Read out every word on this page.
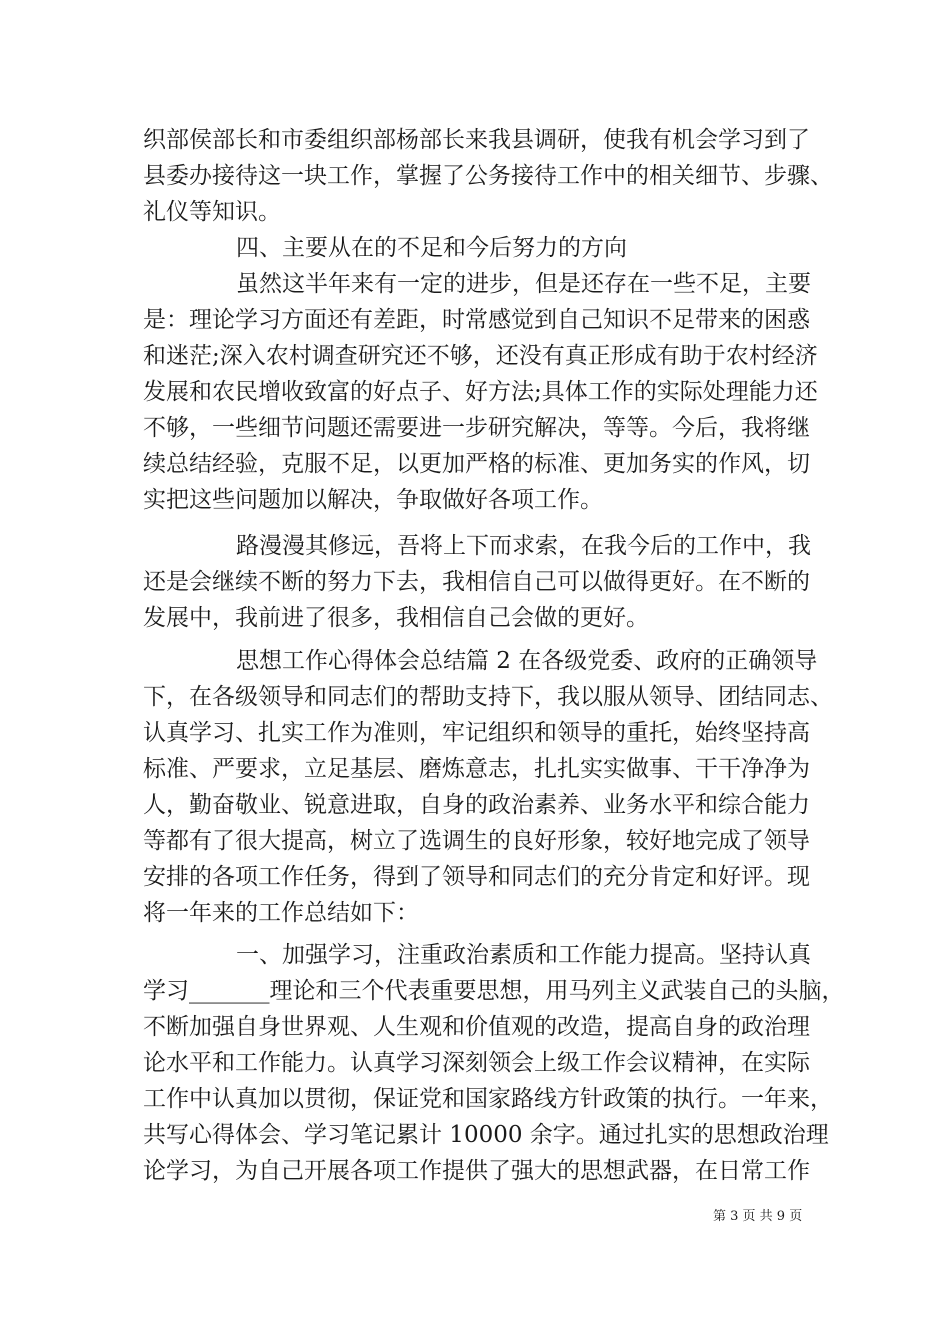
织部侯部长和市委组织部杨部长来我县调研，使我有机会学习到了
县委办接待这一块工作，掌握了公务接待工作中的相关细节、步骤、
礼仪等知识。
四、主要从在的不足和今后努力的方向
虽然这半年来有一定的进步，但是还存在一些不足，主要
是：理论学习方面还有差距，时常感觉到自己知识不足带来的困惑
和迷茫;深入农村调查研究还不够，还没有真正形成有助于农村经济
发展和农民增收致富的好点子、好方法;具体工作的实际处理能力还
不够，一些细节问题还需要进一步研究解决，等等。今后，我将继
续总结经验，克服不足，以更加严格的标准、更加务实的作风，切
实把这些问题加以解决，争取做好各项工作。
路漫漫其修远，吾将上下而求索，在我今后的工作中，我
还是会继续不断的努力下去，我相信自己可以做得更好。在不断的
发展中，我前进了很多，我相信自己会做的更好。
思想工作心得体会总结篇 2 在各级党委、政府的正确领导
下，在各级领导和同志们的帮助支持下，我以服从领导、团结同志、
认真学习、扎实工作为准则，牢记组织和领导的重托，始终坚持高
标准、严要求，立足基层、磨炼意志，扎扎实实做事、干干净净为
人，勤奋敬业、锐意进取，自身的政治素养、业务水平和综合能力
等都有了很大提高，树立了选调生的良好形象，较好地完成了领导
安排的各项工作任务，得到了领导和同志们的充分肯定和好评。现
将一年来的工作总结如下：
一、加强学习，注重政治素质和工作能力提高。坚持认真
学习_______理论和三个代表重要思想，用马列主义武装自己的头脑，
不断加强自身世界观、人生观和价值观的改造，提高自身的政治理
论水平和工作能力。认真学习深刻领会上级工作会议精神，在实际
工作中认真加以贯彻，保证党和国家路线方针政策的执行。一年来，
共写心得体会、学习笔记累计 10000 余字。通过扎实的思想政治理
论学习，为自己开展各项工作提供了强大的思想武器，在日常工作
第 3 页 共 9 页
